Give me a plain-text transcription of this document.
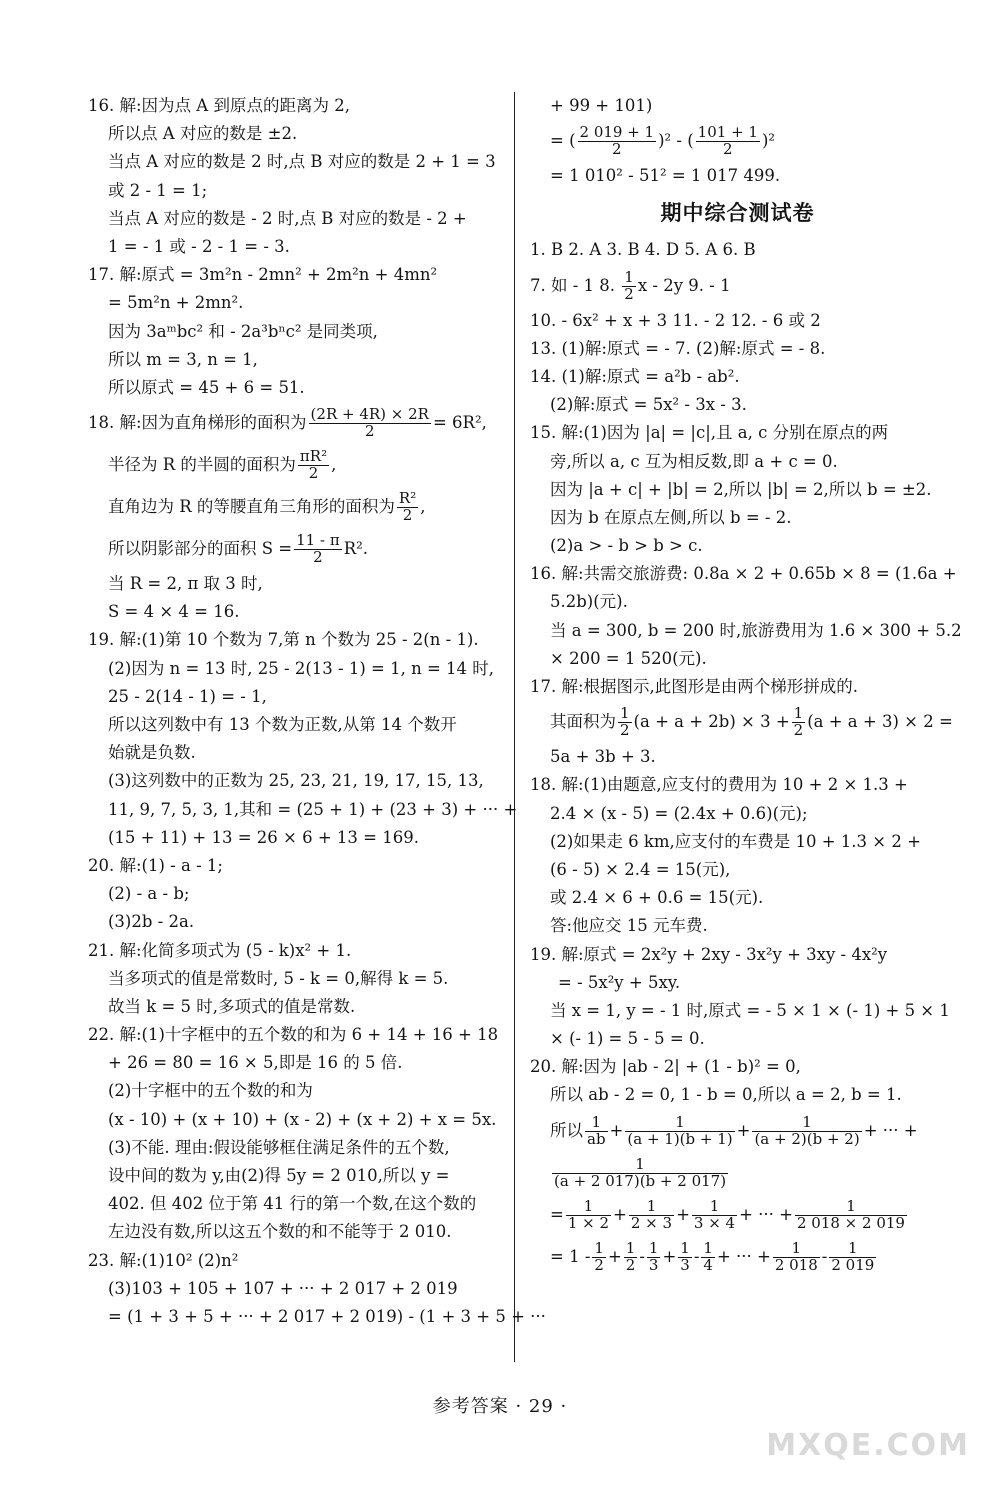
16. 解:因为点 A 到原点的距离为 2,
所以点 A 对应的数是 ±2.
当点 A 对应的数是 2 时,点 B 对应的数是 2 + 1 = 3
或 2 - 1 = 1;
当点 A 对应的数是 - 2 时,点 B 对应的数是 - 2 +
1 = - 1 或 - 2 - 1 = - 3.
17. 解:原式 = 3m²n - 2mn² + 2m²n + 4mn²
= 5m²n + 2mn².
因为 3aᵐbc² 和 - 2a³bⁿc² 是同类项,
所以 m = 3, n = 1,
所以原式 = 45 + 6 = 51.
18. 解:因为直角梯形的面积为 $\frac{(2R + 4R) \times 2R}{2} = 6R^2$,
半径为 R 的半圆的面积为 $\frac{\text{πR²}}{2}$ ,
直角边为 R 的等腰直角三角形的面积为 $\frac{\text{R²}}{2}$ ,
所以阴影部分的面积 $S = \frac{11 - \pi}{2} R^2$.
当 R = 2, π 取 3 时,
S = 4 × 4 = 16.
19. 解:(1)第 10 个数为 7,第 n 个数为 25 - 2(n - 1).
(2)因为 n = 13 时, 25 - 2(13 - 1) = 1, n = 14 时,
25 - 2(14 - 1) = - 1,
所以这列数中有 13 个数为正数,从第 14 个数开
始就是负数.
(3)这列数中的正数为 25, 23, 21, 19, 17, 15, 13,
11, 9, 7, 5, 3, 1,其和 = (25 + 1) + (23 + 3) + ··· +
(15 + 11) + 13 = 26 × 6 + 13 = 169.
20. 解:(1) - a - 1;
(2) - a - b;
(3)2b - 2a.
21. 解:化简多项式为 (5 - k)x² + 1.
当多项式的值是常数时, 5 - k = 0,解得 k = 5.
故当 k = 5 时,多项式的值是常数.
22. 解:(1)十字框中的五个数的和为 6 + 14 + 16 + 18
+ 26 = 80 = 16 × 5,即是 16 的 5 倍.
(2)十字框中的五个数的和为
(x - 10) + (x + 10) + (x - 2) + (x + 2) + x = 5x.
(3)不能. 理由:假设能够框住满足条件的五个数,
设中间的数为 y,由(2)得 5y = 2 010,所以 y =
402. 但 402 位于第 41 行的第一个数,在这个数的
左边没有数,所以这五个数的和不能等于 2 010.
23. 解:(1)10² (2)n²
(3)103 + 105 + 107 + ··· + 2 017 + 2 019
= (1 + 3 + 5 + ··· + 2 017 + 2 019) - (1 + 3 + 5 + ···
+ 99 + 101)
= ( $\frac{2 019 + 1}{2} )^2$ - ( $\frac{101 + 1}{2} )^2$
= 1 010² - 51² = 1 017 499.
期中综合测试卷
1. B 2. A 3. B 4. D 5. A 6. B
7. 如 - 1 8. $\frac{1}{2}$ x - 2y 9. - 1
10. - 6x² + x + 3 11. - 2 12. - 6 或 2
13. (1)解:原式 = - 7. (2)解:原式 = - 8.
14. (1)解:原式 = a²b - ab².
(2)解:原式 = 5x² - 3x - 3.
15. 解:(1)因为 |a| = |c|,且 a, c 分别在原点的两
旁,所以 a, c 互为相反数,即 a + c = 0.
因为 |a + c| + |b| = 2,所以 |b| = 2,所以 b = ±2.
因为 b 在原点左侧,所以 b = - 2.
(2)a > - b > b > c.
16. 解:共需交旅游费: 0.8a × 2 + 0.65b × 8 = (1.6a +
5.2b)(元).
当 a = 300, b = 200 时,旅游费用为 1.6 × 300 + 5.2
× 200 = 1 520(元).
17. 解:根据图示,此图形是由两个梯形拼成的.
其面积为 $\frac{1}{2} (a + a + 2b) \times 3 + \frac{1}{2} (a + a + 3) \times 2$ =
5a + 3b + 3.
18. 解:(1)由题意,应支付的费用为 10 + 2 × 1.3 +
2.4 × (x - 5) = (2.4x + 0.6)(元);
(2)如果走 6 km,应支付的车费是 10 + 1.3 × 2 +
(6 - 5) × 2.4 = 15(元),
或 2.4 × 6 + 0.6 = 15(元).
答:他应交 15 元车费.
19. 解:原式 = 2x²y + 2xy - 3x²y + 3xy - 4x²y
= - 5x²y + 5xy.
当 x = 1, y = - 1 时,原式 = - 5 × 1 × (- 1) + 5 × 1
× (- 1) = 5 - 5 = 0.
20. 解:因为 |ab - 2| + (1 - b)² = 0,
所以 ab - 2 = 0, 1 - b = 0,所以 a = 2, b = 1.
所以 $\frac{1}{ab} + \frac{1}{(a + 1)(b + 1)} + \frac{1}{(a + 2)(b + 2)}$ + ··· +
$\frac{1}{(a + 2 017)(b + 2 017)}$
= $\frac{1}{1 \times 2} + \frac{1}{2 \times 3} + \frac{1}{3 \times 4}$ + ··· + $\frac{1}{2 018 \times 2 019}$
= $1 - \frac{1}{2} + \frac{1}{2} - \frac{1}{3} + \frac{1}{3} - \frac{1}{4}$ + ··· + $\frac{1}{2 018} - \frac{1}{2 019}$
参考答案 · 29 ·
MXQE.COM
